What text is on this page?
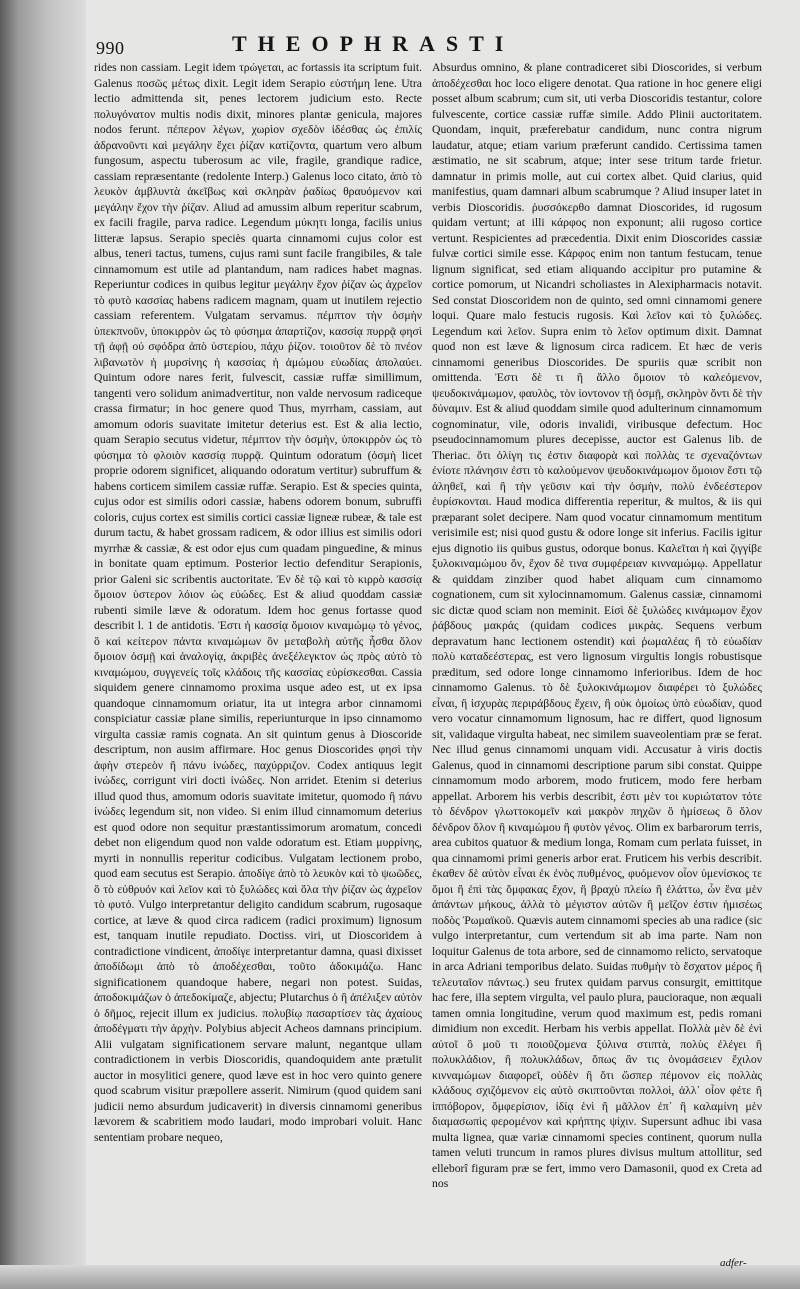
990	THEOPHRASTI

rides non cassiam. Legit idem τρώγεται, ac fortassis ita scriptum fuit. Galenus ποσῶς μέτως dixit. Legit idem Serapio εὐστήμη lene. Utra lectio admittenda sit, penes lectorem judicium esto. Recte πολυγόνατον multis nodis dixit, minores plantæ genicula, majores nodos ferunt. πέπερον λέγων, χωρὶον σχεδὸν ἰδέσθας ὡς ἐπιλίς ἀδρανοῦντι καὶ μεγάλην ἔχει ῥίζαν κατίζοντα, quartum vero album fungosum, aspectu tuberosum ac vile, fragile, grandique radice, cassiam repræsentante (redolente Interp.) Galenus loco citato, ἀπὸ τὸ λευκὸν ἀμβλυντὰ ἀκεῖβως καὶ σκληρὰν ῥαδίως θραυόμενον καὶ μεγάλην ἔχον τὴν ῥίζαν. Aliud ad amussim album reperitur scabrum, ex facili fragile, parva radice. Legendum μύκητι longa, facilis unius litteræ lapsus. Serapio speciès quarta cinnamomi cujus color est albus, teneri tactus, tumens, cujus rami sunt facile frangibiles, & tale cinnamomum est utile ad plantandum, nam radices habet magnas. Reperiuntur codices in quibus legitur μεγάλην ἔχον ῥίζαν ὡς ἀχρεῖον τὸ φυτὸ κασσίας habens radicem magnam, quam ut inutilem rejectio cassiam referentem. Vulgatam servamus. πέμπτον τὴν ὀσμὴν ὑπεκπνοῦν, ὑποκιρρὸν ὡς τὸ φύσημα ἀπαρτίζον, κασσίᾳ πυρρᾷ φησὶ τῇ ἀφῇ οὐ σφόδρα ἀπὸ ὑστερίου, πάχυ ῥίζον. τοιοῦτον δὲ τὸ πνέον λιβανωτὸν ἡ μυρσίνης ἡ κασσίας ἡ ἀμώμου εὐωδίας ἀπολαύει. Quintum odore nares ferit, fulvescit, cassiæ ruffæ simillimum, tangenti vero solidum animadvertitur, non valde nervosum radiceque crassa firmatur; in hoc genere quod Thus, myrrham, cassiam, aut amomum odoris suavitate imitetur deterius est. Est & alia lectio, quam Serapio secutus videtur, πέμπτον τὴν ὀσμὴν, ὑποκιρρὸν ὡς τὸ φύσημα τὸ φλοιὸν κασσίᾳ πυρρᾷ. Quintum odoratum (ὀσμὴ licet proprie odorem significet, aliquando odoratum vertitur) subruffum & habens corticem similem cassiæ ruffæ. Serapio. Est & species quinta, cujus odor est similis odori cassiæ, habens odorem bonum, subruffi coloris, cujus cortex est similis cortici cassiæ ligneæ rubeæ, & tale est durum tactu, & habet grossam radicem, & odor illius est similis odori myrrhæ & cassiæ, & est odor ejus cum quadam pinguedine, & minus in bonitate quam eptimum. Posterior lectio defenditur Serapionis, prior Galeni sic scribentis auctoritate. Ἐν δὲ τῷ καὶ τὸ κιρρὸ κασσίᾳ ὅμοιον ὑστερον λόιον ὡς εὐώδες. Est & aliud quoddam cassiæ rubenti simile læve & odoratum. Idem hoc genus fortasse quod describit l. 1 de antidotis. Ἐστι ἡ κασσίᾳ ὅμοιον κιναμώμῳ τὸ γένος, ὃ καὶ κείτερον πάντα κιναμώμων ὃν μεταβολὴ αὐτῆς ἦσθα ὅλον ὅμοιον ὀσμῇ καὶ ἀναλογίᾳ, ἀκριβὲς ἀνεξέλεγκτον ὡς πρὸς αὐτὸ τὸ κιναμώμου, συγγενείς τοῖς κλάδοις τῆς κασσίας εὑρίσκεσθαι. Cassia siquidem genere cinnamomo proxima usque adeo est, ut ex ipsa quandoque cinnamomum oriatur, ita ut integra arbor cinnamomi conspiciatur cassiæ plane similis, reperiunturque in ipso cinnamomo virgulta cassiæ ramis cognata. An sit quintum genus à Dioscoride descriptum, non ausim affirmare. Hoc genus Dioscorides φησὶ τὴν ἀφὴν στερεὸν ἢ πάνυ ἰνώδες, παχύρριζον. Codex antiquus legit ἰνώδες, corrigunt viri docti ἰνώδες. Non arridet. Etenim si deterius illud quod thus, amomum odoris suavitate imitetur, quomodo ἢ πάνυ ἰνώδες legendum sit, non video. Si enim illud cinnamomum deterius est quod odore non sequitur præstantissimorum aromatum, concedi debet non eligendum quod non valde odoratum est. Etiam μυρρίνης, myrti in nonnullis reperitur codicibus. Vulgatam lectionem probo, quod eam secutus est Serapio. ἀποδίγε ἀπὸ τὸ λευκὸν καὶ τὸ ψωῶδες, ὃ τὸ εὐθρυόν καὶ λεῖον καὶ τὸ ξυλώδες καὶ ὅλα τὴν ῥίζαν ὡς ἀχρεῖον τὸ φυτό. Vulgo interpretantur deligito candidum scabrum, rugosaque cortice, at læve & quod circa radicem (radici proximum) lignosum est, tanquam inutile repudiato. Doctiss. viri, ut Dioscoridem à contradictione vindicent, ἀποδίγε interpretantur damna, quasi dixisset ἀποδίδωμι ἀπὸ τὸ ἀποδέχεσθαι, τοῦτο ἀδοκιμάζω. Hanc significationem quandoque habere, negari non potest. Suidas, ἀποδοκιμάζων ὁ ἀπεδοκίμαζε, abjectu; Plutarchus ὁ ἢ ἀπέλιξεν αὐτὸν ὁ δῆμος, rejecit illum ex judicius. πολυβίῳ πασαρτίσεν τὰς ἀχαίους ἀποδέγματι τὴν ἀρχὴν. Polybius abjecit Acheos damnans principium. Alii vulgatam significationem servare malunt, negantque ullam contradictionem in verbis Dioscoridis, quandoquidem ante prætulit auctor in mosylitici genere, quod læve est in hoc vero quinto genere quod scabrum visitur præpollere asserit. Nimirum (quod quidem sani judicii nemo absurdum judicaverit) in diversis cinnamomi generibus lævorem & scabritiem modo laudari, modo improbari voluit. Hanc sententiam probare nequeo,

Absurdus omnino, & plane contradiceret sibi Dioscorides, si verbum ἀποδέχεσθαι hoc loco eligere denotat. Qua ratione in hoc genere eligi posset album scabrum; cum sit, uti verba Dioscoridis testantur, colore fulvescente, cortice cassiæ ruffæ simile. Addo Plinii auctoritatem. Quondam, inquit, præferebatur candidum, nunc contra nigrum laudatur, atque; etiam varium præferunt candido. Certissima tamen æstimatio, ne sit scabrum, atque; inter sese tritum tarde frietur. damnatur in primis molle, aut cui cortex albet. Quid clarius, quid manifestius, quam damnari album scabrumque ? Aliud insuper latet in verbis Dioscoridis. ῥυσσόκερθο damnat Dioscorides, id rugosum quidam vertunt; at illi κάρφος non exponunt; alii rugoso cortice vertunt. Respicientes ad præcedentia. Dixit enim Dioscorides cassiæ fulvæ cortici simile esse. Κάρφος enim non tantum festucam, tenue lignum significat, sed etiam aliquando accipitur pro putamine & cortice pomorum, ut Nicandri scholiastes in Alexipharmacis notavit. Sed constat Dioscoridem non de quinto, sed omni cinnamomi genere loqui. Quare malo festucis rugosis. Καὶ λεῖον καὶ τὸ ξυλώδες. Legendum καὶ λεῖον. Supra enim τὸ λεῖον optimum dixit. Damnat quod non est læve & lignosum circa radicem. Et hæc de veris cinnamomi generibus Dioscorides. De spuriis quæ scribit non omittenda. Ἐστι δὲ τι ἢ ἄλλο ὅμοιον τὸ καλεόμενον, ψευδοκινάμωμον, φαυλὸς, τὸν ἰοντονον τῇ ὀσμῇ, σκληρὸν ὅντι δὲ τὴν δύναμιν. Est & aliud quoddam simile quod adulterinum cinnamomum cognominatur, vile, odoris invalidi, viribusque defectum. Hoc pseudocinnamomum plures decepisse, auctor est Galenus lib. de Theriac. ὅτι ὀλίγη τις ἐστιν διαφορὰ καὶ πολλὰς τε σχεναζόντων ἐνίοτε πλάνησιν ἐστι τὸ καλούμενον ψευδοκινάμωμον ὅμοιον ἔστι τῷ ἀληθεῖ, καὶ ἢ τὴν γεῦσιν καὶ τὴν ὀσμὴν, πολὺ ἐνδεέστερον ἐυρίσκονται. Haud modica differentia reperitur, & multos, & iis qui præparant solet decipere. Nam quod vocatur cinnamomum mentitum verisimile est; nisi quod gustu & odore longe sit inferius. Facilis igitur ejus dignotio iis quibus gustus, odorque bonus. Καλεῖται ἡ καὶ ζιγγίβε ξυλοκιναμώμου ὄν, ἔχον δὲ τινα συμφέρειαν κινναμώμῳ. Appellatur & quiddam zinziber quod habet aliquam cum cinnamomo cognationem, cum sit xylocinnamomum. Galenus cassiæ, cinnamomi sic dictæ quod sciam non meminit. Εἰσὶ δὲ ξυλώδες κινάμωμον ἔχον ῥάβδους μακράς (quidam codices μικρὰς. Sequens verbum depravatum hanc lectionem ostendit) καὶ ῥωμαλέας ἢ τὸ εὐωδίαν πολὺ καταδεέστερας, est vero lignosum virgultis longis robustisque præditum, sed odore longe cinnamomo inferioribus. Idem de hoc cinnamomo Galenus. τὸ δὲ ξυλοκινάμωμον διαφέρει τὸ ξυλώδες εἶναι, ἢ ἰσχυρὰς περιράβδους ἔχειν, ἢ οὐκ ὀμοίως ὑπὸ εὐωδίαν, quod vero vocatur cinnamomum lignosum, hac re differt, quod lignosum sit, validaque virgulta habeat, nec similem suaveolentiam præ se ferat. Nec illud genus cinnamomi unquam vidi. Accusatur à viris doctis Galenus, quod in cinnamomi descriptione parum sibi constat. Quippe cinnamomum modo arborem, modo fruticem, modo fere herbam appellat. Arborem his verbis describit, ἐστι μὲν τοι κυριώτατον τότε τὸ δένδρον γλωττοκομεῖν καὶ μακρὸν πηχῶν ὃ ἡμίσεως ὃ ὅλον δένδρον ὅλον ἢ κιναμώμου ἢ φυτὸν γένος. Olim ex barbarorum terris, area cubitos quatuor & medium longa, Romam cum perlata fuisset, in qua cinnamomi primi generis arbor erat. Fruticem his verbis describit. ἐκαθεν δὲ αὐτὸν εἶναι ἐκ ἐνὸς πυθμένος, φυόμενον οἷον ὑμενίσκος τε ὅμοι ἢ ἐπὶ τὰς ὄμφακας ἔχον, ἢ βραχὺ πλείω ἢ ἐλάττω, ὧν ἓνα μὲν ἀπάντων μήκους, ἀλλὰ τὸ μέγιστον αὐτῶν ἢ μεῖζον ἐστιν ἡμισέως ποδὸς Ῥωμαϊκοῦ. Quævis autem cinnamomi species ab una radice (sic vulgo interpretantur, cum vertendum sit ab ima parte. Nam non loquitur Galenus de tota arbore, sed de cinnamomo relicto, servatoque in arca Adriani temporibus delato. Suidas πυθμὴν τὸ ἔσχατον μέρος ἢ τελευταῖον πάντως.) seu frutex quidam parvus consurgit, emittitque hac fere, illa septem virgulta, vel paulo plura, paucioraque, non æquali tamen omnia longitudine, verum quod maximum est, pedis romani dimidium non excedit. Herbam his verbis appellat. Πολλὰ μὲν δὲ ἐνὶ αὐτοῖ ὃ μοῦ τι ποιοῦζομενα ξύλινα στιπτὰ, πολὺς ἐλέγει ἢ πολυκλάδιον, ἢ πολυκλάδων, ὅπως ἂν τις ὀνομάσειεν ἔχιλον κινναμώμων διαφορεῖ, οὐδὲν ἢ ὅτι ὥσπερ πέμονον εἰς πολλὰς κλάδους σχιζόμενον εἰς αὑτὸ σκιπτοῦνται πολλοὶ, ἀλλ᾽ οἷον φέτε ἢ ἰππόβορον, ὅμφερίσιον, ἰδίᾳ ἑνὶ ἢ μᾶλλον ἐπ᾽ ἢ καλαμίνη μὲν διαμασωπὶς φερομένον καὶ κρήπτης ψίχιν. Supersunt adhuc ibi vasa multa lignea, quæ variæ cinnamomi species continent, quorum nulla tamen veluti truncum in ramos plures divisus multum attollitur, sed elleborî figuram præ se fert, immo vero Damasonii, quod ex Creta ad nos

adfer-
